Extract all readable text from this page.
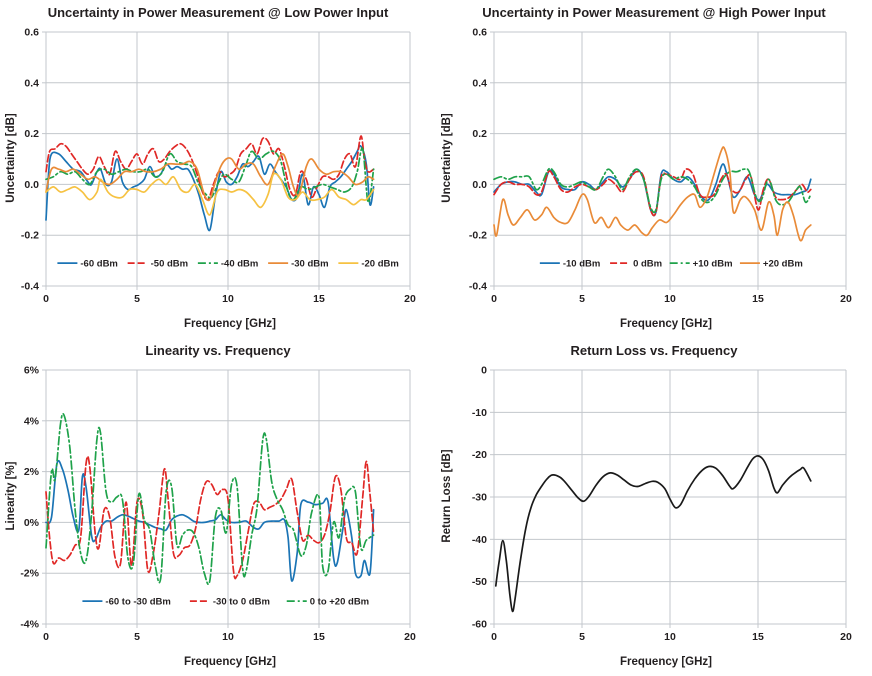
Uncertainty in Power Measurement @ Low Power Input
Uncertainty [dB]
0.6
0.4
0.2
0.0
-0.2
-0.4
0	5	10	15	20
-60 dBm	-50 dBm	-40 dBm	-30 dBm	-20 dBm
Frequency [GHz]
Uncertainty in Power Measurement @ High Power Input
Uncertainty [dB]
0.6
0.4
0.2
0.0
-0.2
-0.4
0	5	10	15	20
-10 dBm	0 dBm	+10 dBm	+20 dBm
Frequency [GHz]
Linearity vs. Frequency
Linearity [%]
6%
4%
2%
0%
-2%
-4%
0	5	10	15	20
-60 to -30 dBm	-30 to 0 dBm	0 to +20 dBm
Frequency [GHz]
Return Loss vs. Frequency
Return Loss [dB]
0
-10
-20
-30
-40
-50
-60
0	5	10	15	20
Frequency [GHz]
